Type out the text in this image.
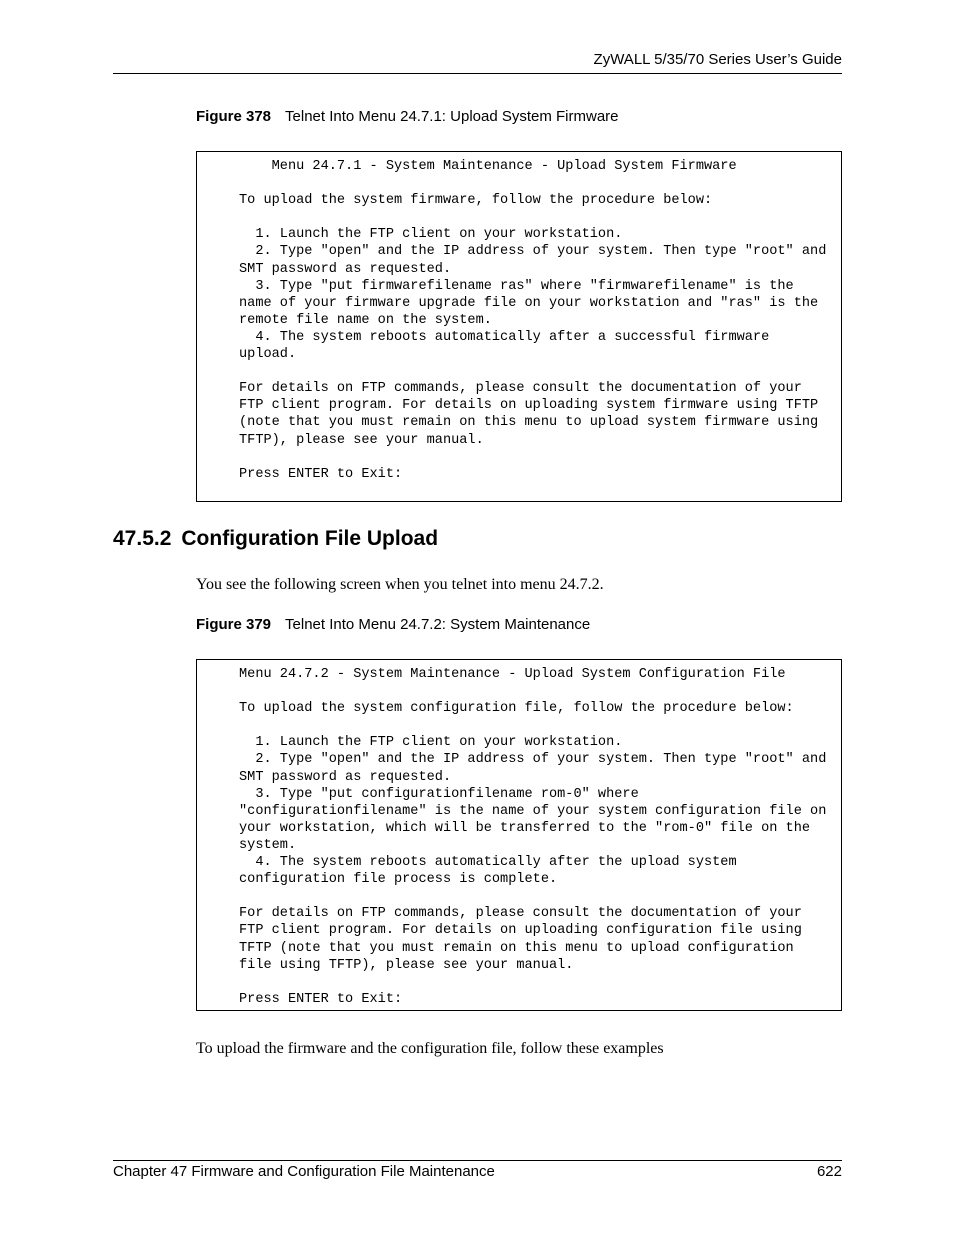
ZyWALL 5/35/70 Series User’s Guide
Figure 378 Telnet Into Menu 24.7.1: Upload System Firmware
Menu 24.7.1 - System Maintenance - Upload System Firmware

To upload the system firmware, follow the procedure below:

1. Launch the FTP client on your workstation.
2. Type "open" and the IP address of your system. Then type "root" and
SMT password as requested.
3. Type "put firmwarefilename ras" where "firmwarefilename" is the
name of your firmware upgrade file on your workstation and "ras" is the
remote file name on the system.
4. The system reboots automatically after a successful firmware
upload.

For details on FTP commands, please consult the documentation of your
FTP client program. For details on uploading system firmware using TFTP
(note that you must remain on this menu to upload system firmware using
TFTP), please see your manual.

Press ENTER to Exit:
47.5.2 Configuration File Upload

You see the following screen when you telnet into menu 24.7.2.

Figure 379 Telnet Into Menu 24.7.2: System Maintenance
Menu 24.7.2 - System Maintenance - Upload System Configuration File

To upload the system configuration file, follow the procedure below:

1. Launch the FTP client on your workstation.
2. Type "open" and the IP address of your system. Then type "root" and
SMT password as requested.
3. Type "put configurationfilename rom-0" where
"configurationfilename" is the name of your system configuration file on
your workstation, which will be transferred to the "rom-0" file on the
system.
4. The system reboots automatically after the upload system
configuration file process is complete.

For details on FTP commands, please consult the documentation of your
FTP client program. For details on uploading configuration file using
TFTP (note that you must remain on this menu to upload configuration
file using TFTP), please see your manual.

Press ENTER to Exit:

To upload the firmware and the configuration file, follow these examples

Chapter 47 Firmware and Configuration File Maintenance	622
